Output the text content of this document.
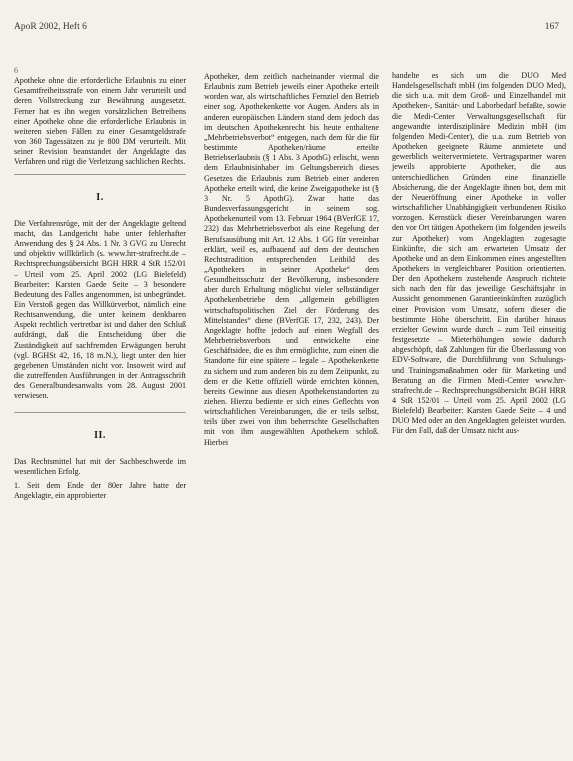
ApoR 2002, Heft 6	167

6

Apotheke ohne die erforderliche Erlaubnis zu einer Gesamtfreiheitsstrafe von einem Jahr verurteilt und deren Vollstreckung zur Bewährung ausgesetzt. Ferner hat es ihn wegen vorsätzlichen Betreibens einer Apotheke ohne die erforderliche Erlaubnis in weiteren sieben Fällen zu einer Gesamtgeldstrafe von 360 Tagessätzen zu je 800 DM verurteilt. Mit seiner Revision beanstandet der Angeklagte das Verfahren und rügt die Verletzung sachlichen Rechts.

I.

Die Verfahrensrüge, mit der der Angeklagte geltend macht, das Landgericht habe unter fehlerhafter Anwendung des § 24 Abs. 1 Nr. 3 GVG zu Unrecht und objektiv willkürlich (s. www.hrr-strafrecht.de – Rechtsprechungsübersicht BGH HRR 4 StR 152/01 – Urteil vom 25. April 2002 (LG Bielefeld) Bearbeiter: Karsten Gaede Seite – 3 besondere Bedeutung des Falles angenommen, ist unbegründet. Ein Verstoß gegen das Willkürverbot, nämlich eine Rechtsanwendung, die unter keinem denkbaren Aspekt rechtlich vertretbar ist und daher den Schluß aufdrängt, daß die Entscheidung über die Zuständigkeit auf sachfremden Erwägungen beruht (vgl. BGHSt 42, 16, 18 m.N.), liegt unter den hier gegebenen Umständen nicht vor. Insoweit wird auf die zutreffenden Ausführungen in der Antragsschrift des Generalbundesanwalts vom 28. August 2001 verwiesen.

II.

Das Rechtsmittel hat mit der Sachbeschwerde im wesentlichen Erfolg.

1. Seit dem Ende der 80er Jahre hatte der Angeklagte, ein approbierter

Apotheker, dem zeitlich nacheinander viermal die Erlaubnis zum Betrieb jeweils einer Apotheke erteilt worden war, als wirtschaftliches Fernziel den Betrieb einer sog. Apothekenkette vor Augen. Anders als in anderen europäischen Ländern stand dem jedoch das im deutschen Apothekenrecht bis heute enthaltene „Mehrbetriebsverbot“ entgegen, nach dem für die für bestimmte Apotheken/räume erteilte Betriebserlaubnis (§ 1 Abs. 3 ApothG) erlischt, wenn dem Erlaubnisinhaber im Geltungsbereich dieses Gesetzes die Erlaubnis zum Betrieb einer anderen Apotheke erteilt wird, die keine Zweigapotheke ist (§ 3 Nr. 5 ApothG). Zwar hatte das Bundesverfassungsgericht in seinem sog. Apothekenurteil vom 13. Februar 1964 (BVerfGE 17, 232) das Mehrbetriebsverbot als eine Regelung der Berufsausübung mit Art. 12 Abs. 1 GG für vereinbar erklärt, weil es, aufbauend auf dem der deutschen Rechtstradition entsprechenden Leitbild des „Apothekers in seiner Apotheke“ dem Gesundheitsschutz der Bevölkerung, insbesondere aber durch Erhaltung möglichst vieler selbständiger Apothekenbetriebe dem „allgemein gebilligten wirtschaftspolitischen Ziel der Förderung des Mittelstandes“ diene (BVerfGE 17, 232, 243). Der Angeklagte hoffte jedoch auf einen Wegfall des Mehrbetriebsverbots und entwickelte eine Geschäftsidee, die es ihm ermöglichte, zum einen die Standorte für eine spätere – legale – Apothekenkette zu sichern und zum anderen bis zu dem Zeitpunkt, zu dem er die Kette offiziell würde errichten können, bereits Gewinne aus diesen Apothekenstandorten zu ziehen. Hierzu bediente er sich eines Geflechts von wirtschaftlichen Vereinbarungen, die er teils selbst, teils über zwei von ihm beherrschte Gesellschaften mit von ihm ausgewählten Apothekern schloß. Hierbei

handelte es sich um die DUO Med Handelsgesellschaft mbH (im folgenden DUO Med), die sich u.a. mit dem Groß- und Einzelhandel mit Apotheken-, Sanitär- und Laborbedarf befaßte, sowie die Medi-Center Verwaltungsgesellschaft für angewandte interdisziplinäre Medizin mbH (im folgenden Medi-Center), die u.a. zum Betrieb von Apotheken geeignete Räume anmietete und gewerblich weitervermietete. Vertragspartner waren jeweils approbierte Apotheker, die aus unterschiedlichen Gründen eine finanzielle Absicherung, die der Angeklagte ihnen bot, dem mit der Neueröffnung einer Apotheke in voller wirtschaftlicher Unabhängigkeit verbundenen Risiko vorzogen. Kernstück dieser Vereinbarungen waren den vor Ort tätigen Apothekern (im folgenden jeweils zur Apotheker) vom Angeklagten zugesagte Einkünfte, die sich am erwarteten Umsatz der Apotheke und an dem Einkommen eines angestellten Apothekers in vergleichbarer Position orientierten. Der den Apothekern zustehende Anspruch richtete sich nach den für das jeweilige Geschäftsjahr in Aussicht genommenen Garantieeinkünften zuzüglich einer Provision vom Umsatz, sofern dieser die bestimmte Höhe überschritt. Ein darüber hinaus erzielter Gewinn wurde durch – zum Teil einseitig festgesetzte – Mieterhöhungen sowie dadurch abgeschöpft, daß Zahlungen für die Überlassung von EDV-Software, die Durchführung von Schulungs- und Trainingsmaßnahmen oder für Marketing und Beratung an die Firmen Medi-Center www.hrr-strafrecht.de – Rechtsprechungsübersicht BGH HRR 4 StR 152/01 – Urteil vom 25. April 2002 (LG Bielefeld) Bearbeiter: Karsten Gaede Seite – 4 und DUO Med oder an den Angeklagten geleistet wurden. Für den Fall, daß der Umsatz nicht aus-
